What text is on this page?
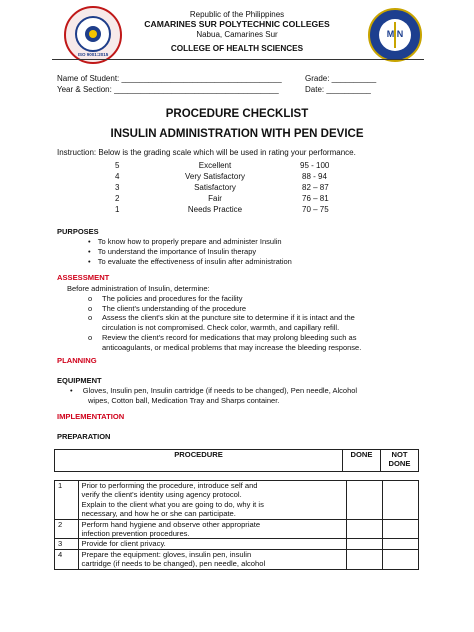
ISO 9001:2015
M N
Republic of the Philippines
CAMARINES SUR POLYTECHNIC COLLEGES
Nabua, Camarines Sur
COLLEGE OF HEALTH SCIENCES
Name of Student: ____________________________________	Grade: __________
Year & Section: _____________________________________	Date: __________
PROCEDURE CHECKLIST
INSULIN ADMINISTRATION WITH PEN DEVICE
Instruction: Below is the grading scale which will be used in rating your performance.
5	Excellent	95 - 100
4	Very Satisfactory	88 - 94
3	Satisfactory	82 – 87
2	Fair	76 – 81
1	Needs Practice	70 – 75
PURPOSES
• To know how to properly prepare and administer Insulin
• To understand the importance of Insulin therapy
• To evaluate the effectiveness of insulin after administration
ASSESSMENT
Before administration of Insulin, determine:
o The policies and procedures for the facility
o The client's understanding of the procedure
o Assess the client's skin at the puncture site to determine if it is intact and the
circulation is not compromised. Check color, warmth, and capillary refill.
o Review the client's record for medications that may prolong bleeding such as
anticoagulants, or medical problems that may increase the bleeding response.
PLANNING
EQUIPMENT
• Gloves, Insulin pen, Insulin cartridge (if needs to be changed), Pen needle, Alcohol
wipes, Cotton ball, Medication Tray and Sharps container.
IMPLEMENTATION
PREPARATION
PROCEDURE	DONE	NOT
DONE
1	Prior to performing the procedure, introduce self and
verify the client's identity using agency protocol.
Explain to the client what you are going to do, why it is
necessary, and how he or she can participate.		
2	Perform hand hygiene and observe other appropriate
infection prevention procedures.		
3	Provide for client privacy.		
4	Prepare the equipment: gloves, insulin pen, insulin
cartridge (if needs to be changed), pen needle, alcohol		
